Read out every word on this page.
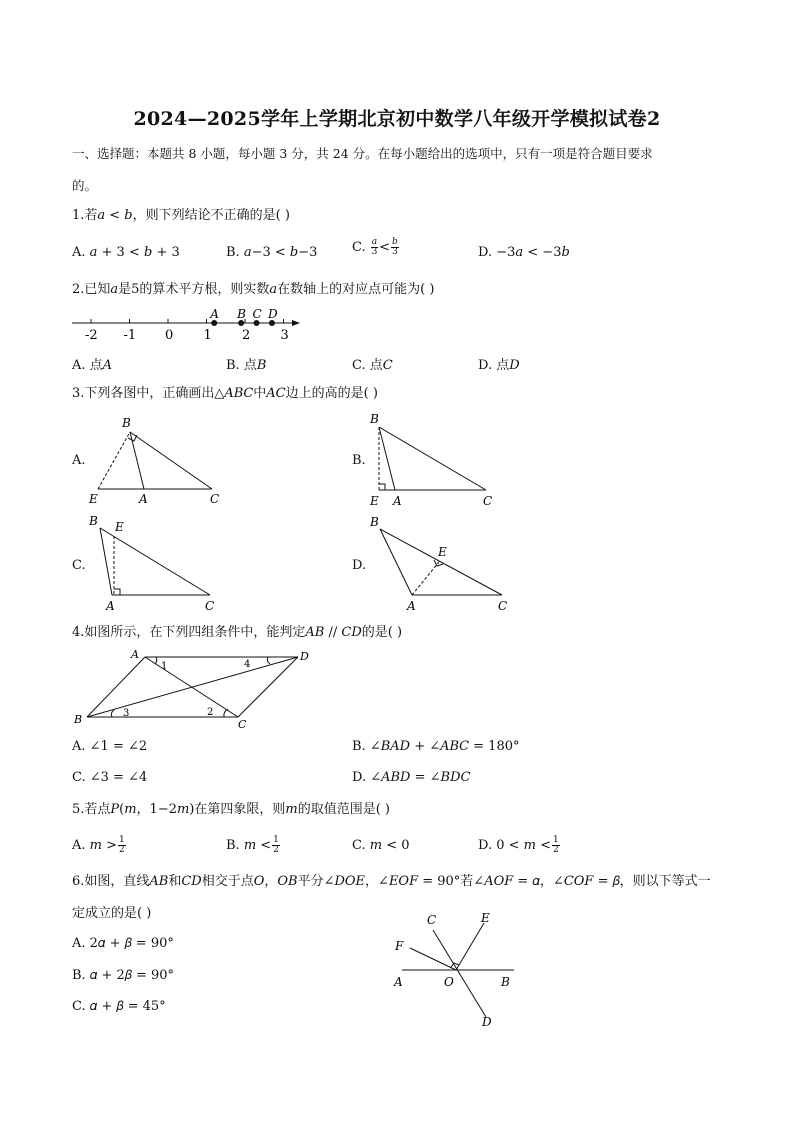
2024—2025学年上学期北京初中数学八年级开学模拟试卷2
一、选择题：本题共 8 小题，每小题 3 分，共 24 分。在每小题给出的选项中，只有一项是符合题目要求
的。
1.若𝑎 < 𝑏，则下列结论不正确的是( )
A. 𝑎 + 3 < 𝑏 + 3	B. 𝑎−3 < 𝑏−3	C. $\frac{\text{𝑎}}{3} < \frac{\text{𝑏}}{3}$	D. −3𝑎 < −3𝑏
2.已知𝑎是5的算术平方根，则实数𝑎在数轴上的对应点可能为( )
-2 -1 0 1 2 3
A B C D
A. 点𝐴	B. 点𝐵	C. 点𝐶	D. 点𝐷
3.下列各图中，正确画出△𝐴𝐵𝐶中𝐴𝐶边上的高的是( )
A.
B
E	A	C
B.
B
E A	C
C.
B E
A	C
D.
B
E
A	C
4.如图所示，在下列四组条件中，能判定𝐴𝐵 // 𝐶𝐷的是( )
A	D
B	C
1	4
3	2
A. ∠1 = ∠2	B. ∠𝐵𝐴𝐷 + ∠𝐴𝐵𝐶 = 180°
C. ∠3 = ∠4	D. ∠𝐴𝐵𝐷 = ∠𝐵𝐷𝐶
5.若点𝑃(𝑚，1−2𝑚)在第四象限，则𝑚的取值范围是( )
A. 𝑚 > $\frac{1}{2}$	B. 𝑚 < $\frac{1}{2}$	C. 𝑚 < 0	D. 0 < 𝑚 < $\frac{1}{2}$
6.如图，直线𝐴𝐵和𝐶𝐷相交于点𝑂，𝑂𝐵平分∠𝐷𝑂𝐸，∠𝐸𝑂𝐹 = 90°若∠𝐴𝑂𝐹 = 𝛼，∠𝐶𝑂𝐹 = 𝛽，则以下等式一
定成立的是( )
A. 2𝛼 + 𝛽 = 90°
B. 𝛼 + 2𝛽 = 90°
C. 𝛼 + 𝛽 = 45°
C	E
F
A	O	B
D
